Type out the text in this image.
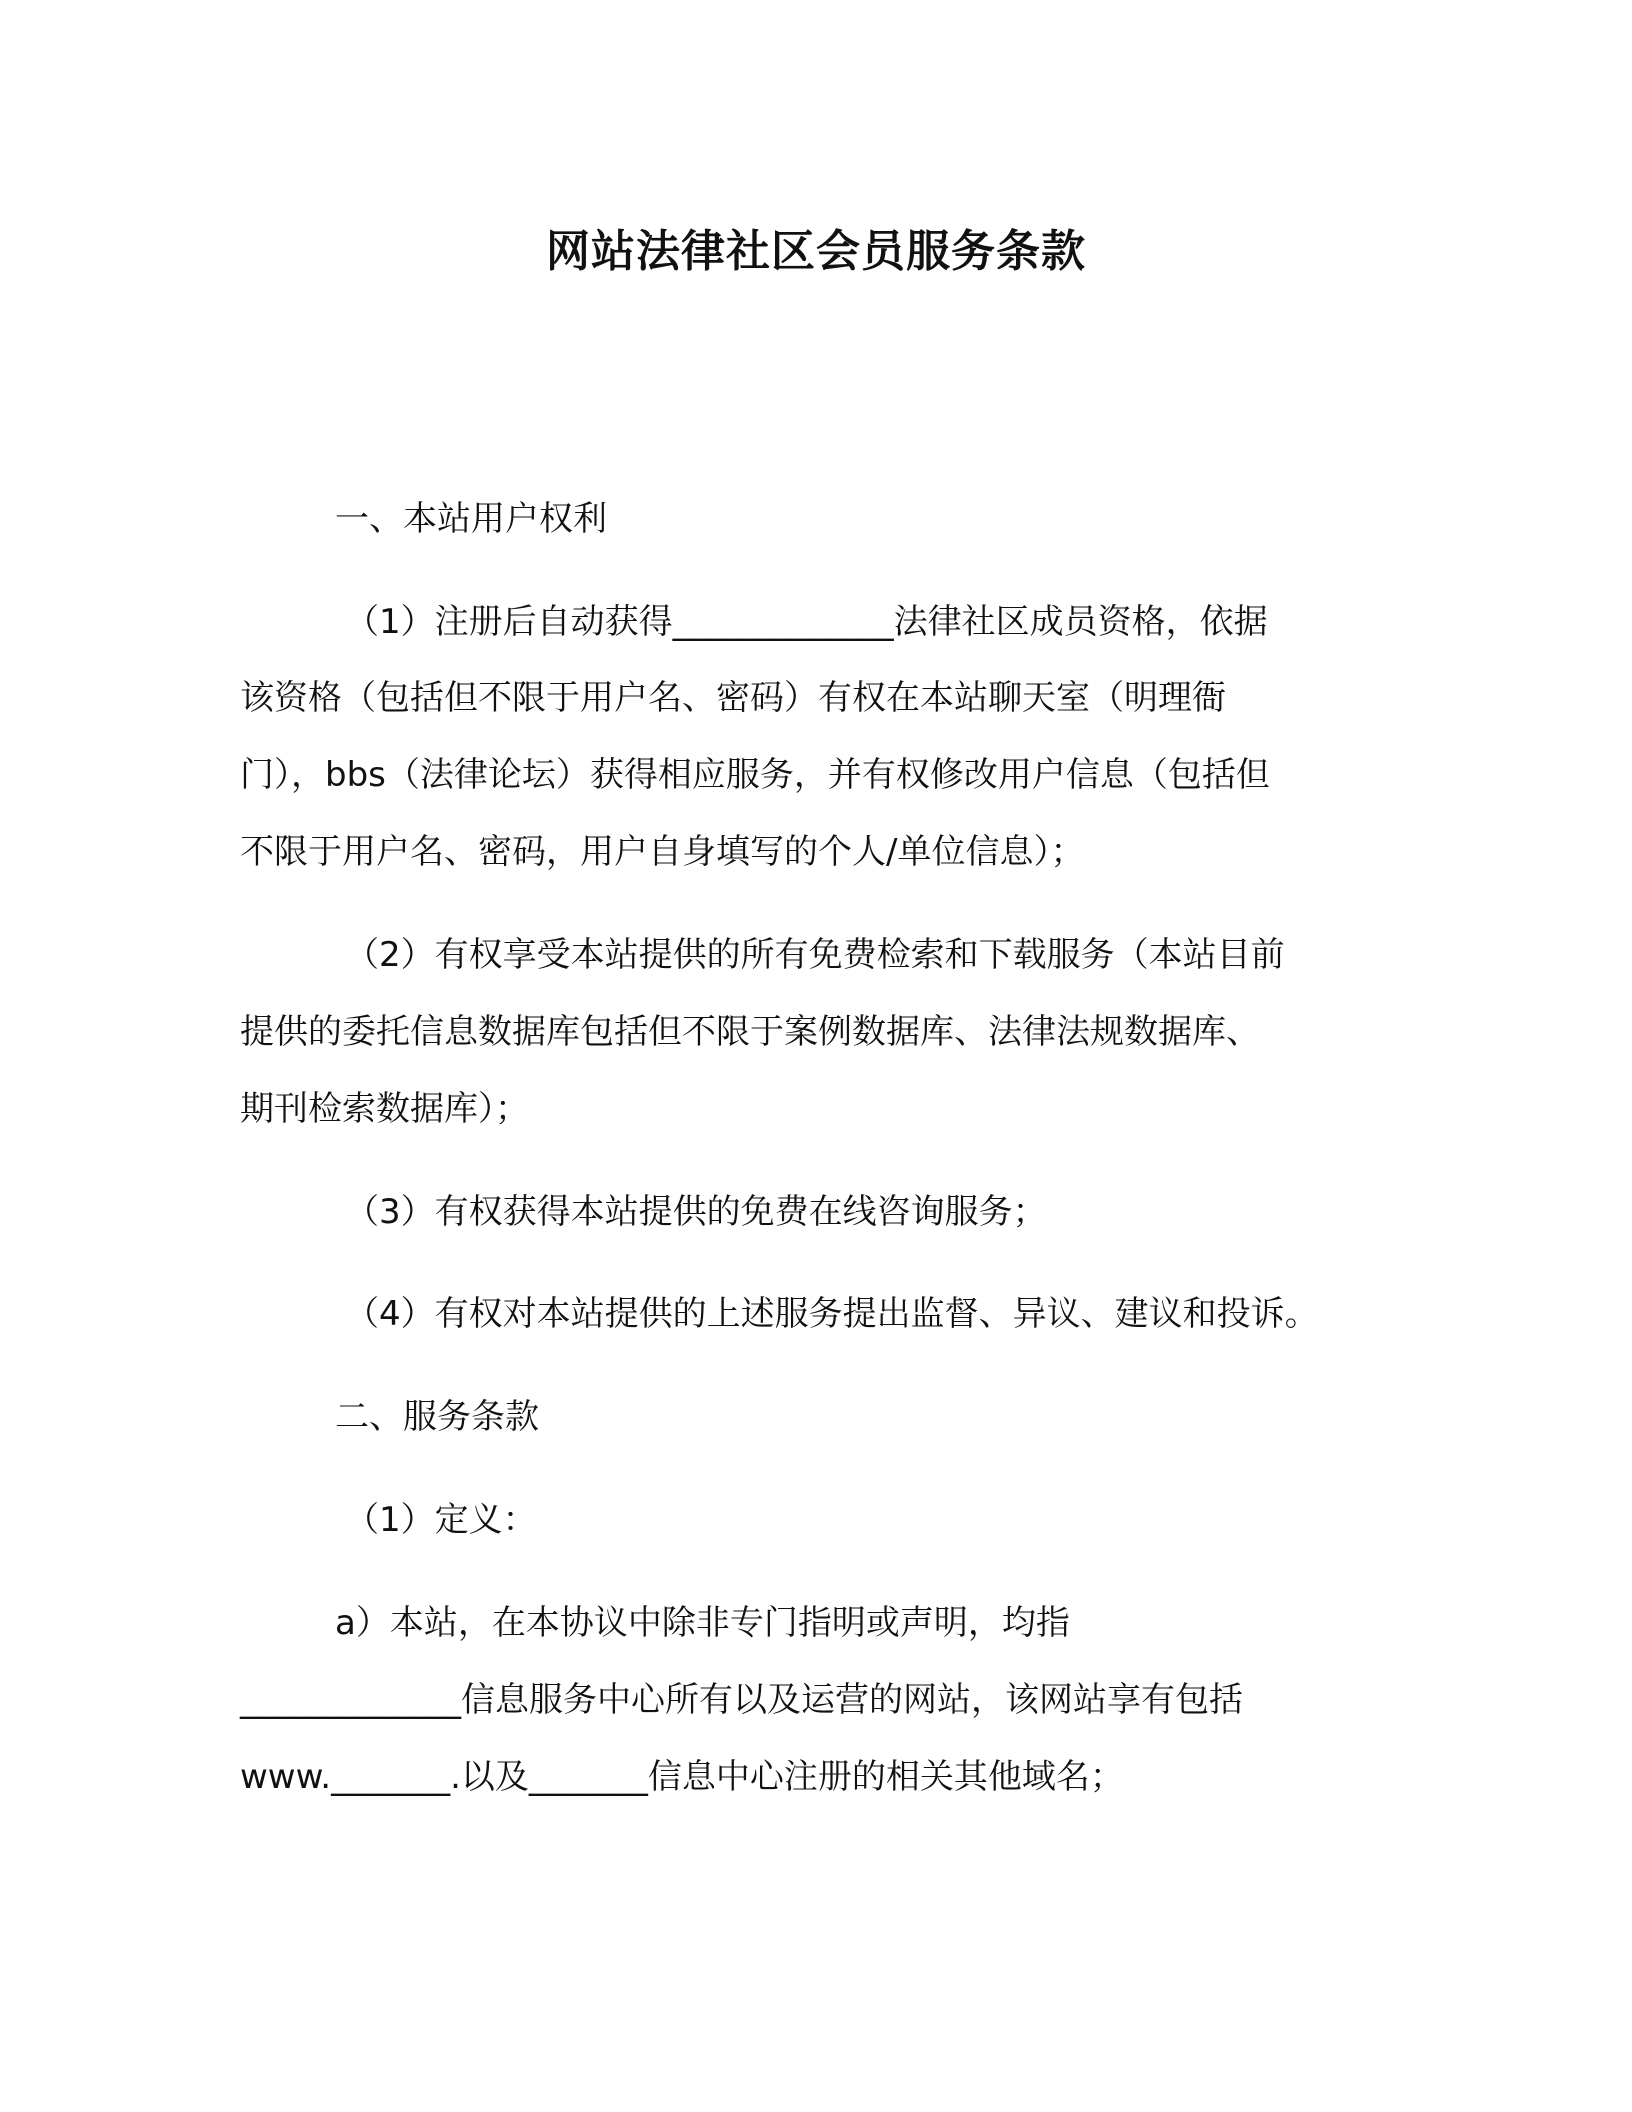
网站法律社区会员服务条款

一、本站用户权利

（1）注册后自动获得_____________法律社区成员资格，依据

该资格（包括但不限于用户名、密码）有权在本站聊天室（明理衙

门），bbs（法律论坛）获得相应服务，并有权修改用户信息（包括但

不限于用户名、密码，用户自身填写的个人/单位信息）；

（2）有权享受本站提供的所有免费检索和下载服务（本站目前

提供的委托信息数据库包括但不限于案例数据库、法律法规数据库、

期刊检索数据库）；

（3）有权获得本站提供的免费在线咨询服务；

（4）有权对本站提供的上述服务提出监督、异议、建议和投诉。

二、服务条款

（1）定义：

a）本站，在本协议中除非专门指明或声明，均指

_____________信息服务中心所有以及运营的网站，该网站享有包括

www._______.以及_______信息中心注册的相关其他域名；
